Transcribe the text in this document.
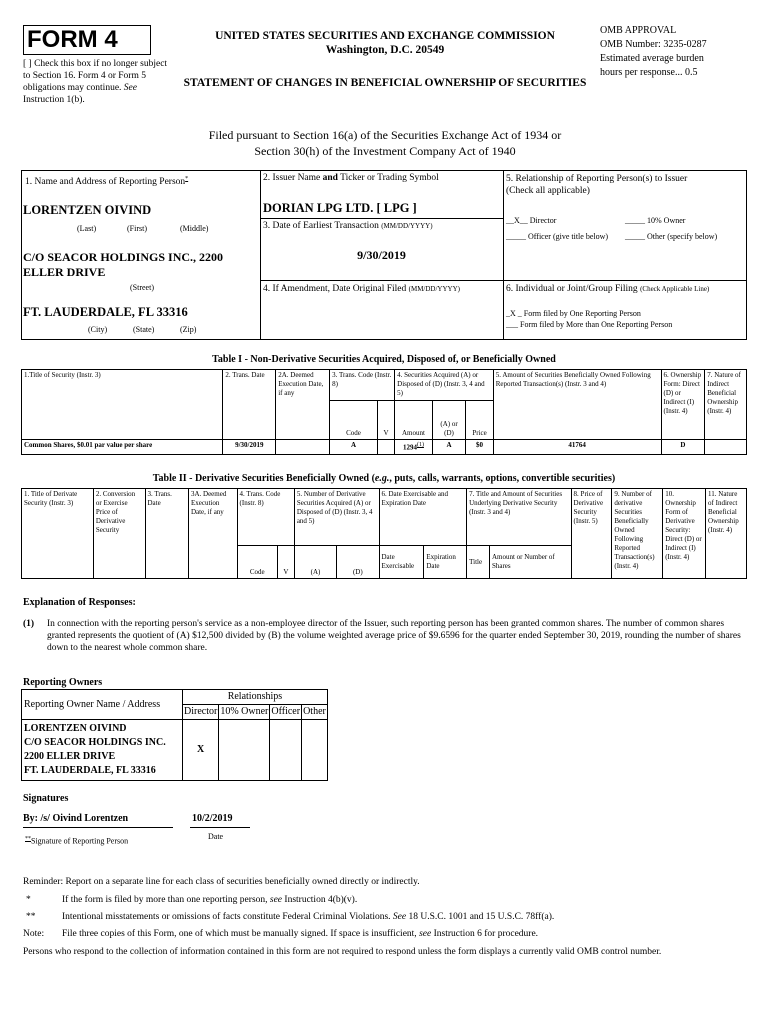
FORM 4
[ ] Check this box if no longer subject to Section 16. Form 4 or Form 5 obligations may continue. See Instruction 1(b).
UNITED STATES SECURITIES AND EXCHANGE COMMISSION
Washington, D.C. 20549
STATEMENT OF CHANGES IN BENEFICIAL OWNERSHIP OF SECURITIES
OMB APPROVAL
OMB Number: 3235-0287
Estimated average burden
hours per response... 0.5
Filed pursuant to Section 16(a) of the Securities Exchange Act of 1934 or
Section 30(h) of the Investment Company Act of 1940
1. Name and Address of Reporting Person*
LORENTZEN OIVIND
(Last)	(First)	(Middle)
C/O SEACOR HOLDINGS INC., 2200 ELLER DRIVE
(Street)
FT. LAUDERDALE, FL 33316
(City)	(State)	(Zip)
2. Issuer Name and Ticker or Trading Symbol
DORIAN LPG LTD. [ LPG ]
3. Date of Earliest Transaction (MM/DD/YYYY)
9/30/2019
4. If Amendment, Date Original Filed (MM/DD/YYYY)
5. Relationship of Reporting Person(s) to Issuer
(Check all applicable)
__X__ Director	_____ 10% Owner
_____ Officer (give title below) _____ Other (specify below)
6. Individual or Joint/Group Filing (Check Applicable Line)
_X _ Form filed by One Reporting Person
___ Form filed by More than One Reporting Person
Table I - Non-Derivative Securities Acquired, Disposed of, or Beneficially Owned
1.Title of Security (Instr. 3)	2. Trans. Date	2A. Deemed Execution Date, if any	3. Trans. Code (Instr. 8)		4. Securities Acquired (A) or Disposed of (D) (Instr. 3, 4 and 5)			5. Amount of Securities Beneficially Owned Following Reported Transaction(s) (Instr. 3 and 4)	6. Ownership Form: Direct (D) or Indirect (I) (Instr. 4)	7. Nature of Indirect Beneficial Ownership (Instr. 4)
			Code	V	Amount	(A) or (D)	Price			
Common Shares, $0.01 par value per share	9/30/2019		A		1294(1)	A	$0	41764	D	
Table II - Derivative Securities Beneficially Owned (e.g., puts, calls, warrants, options, convertible securities)
1. Title of Derivate Security (Instr. 3)	2. Conversion or Exercise Price of Derivative Security	3. Trans. Date	3A. Deemed Execution Date, if any	4. Trans. Code (Instr. 8)		5. Number of Derivative Securities Acquired (A) or Disposed of (D) (Instr. 3, 4 and 5)		6. Date Exercisable and Expiration Date		7. Title and Amount of Securities Underlying Derivative Security (Instr. 3 and 4)		8. Price of Derivative Security (Instr. 5)	9. Number of derivative Securities Beneficially Owned Following Reported Transaction(s) (Instr. 4)	10. Ownership Form of Derivative Security: Direct (D) or Indirect (I) (Instr. 4)	11. Nature of Indirect Beneficial Ownership (Instr. 4)
				Code	V	(A)	(D)	Date Exercisable	Expiration Date	Title	Amount or Number of Shares				
Explanation of Responses:
(1) In connection with the reporting person's service as a non-employee director of the Issuer, such reporting person has been granted common shares. The number of common shares granted represents the quotient of (A) $12,500 divided by (B) the volume weighted average price of $9.6596 for the quarter ended September 30, 2019, rounding the number of shares down to the nearest whole common share.
Reporting Owners
Reporting Owner Name / Address	Relationships			
	Director	10% Owner	Officer	Other

LORENTZEN OIVIND
C/O SEACOR HOLDINGS INC.
2200 ELLER DRIVE
FT. LAUDERDALE, FL 33316	X			
Signatures
By: /s/ Oivind Lorentzen	10/2/2019
**Signature of Reporting Person
Date
Reminder: Report on a separate line for each class of securities beneficially owned directly or indirectly.
*	If the form is filed by more than one reporting person, see Instruction 4(b)(v).
**	Intentional misstatements or omissions of facts constitute Federal Criminal Violations. See 18 U.S.C. 1001 and 15 U.S.C. 78ff(a).
Note: File three copies of this Form, one of which must be manually signed. If space is insufficient, see Instruction 6 for procedure.
Persons who respond to the collection of information contained in this form are not required to respond unless the form displays a currently valid OMB control number.
